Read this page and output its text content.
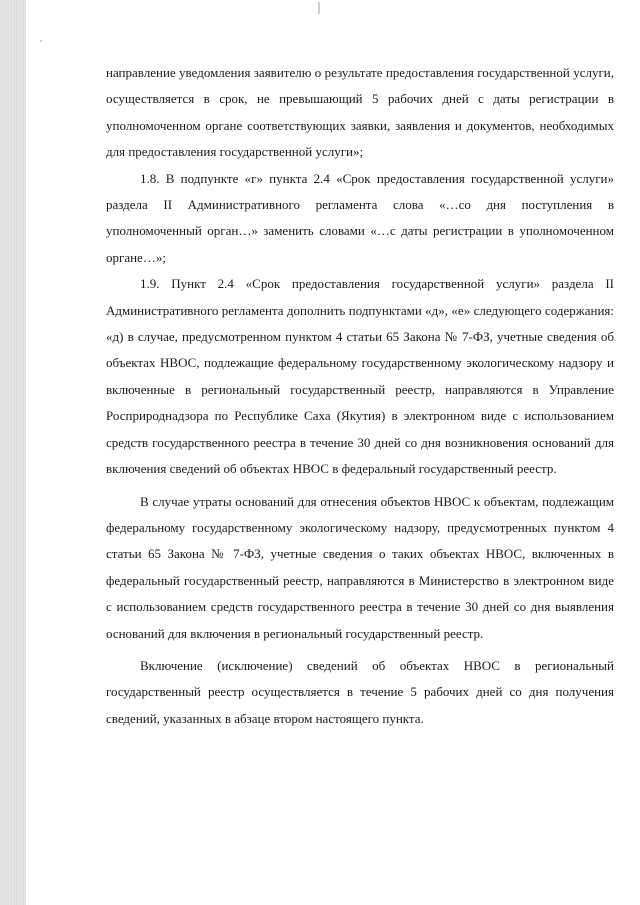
направление уведомления заявителю о результате предоставления государственной услуги, осуществляется в срок, не превышающий 5 рабочих дней с даты регистрации в уполномоченном органе соответствующих заявки, заявления и документов, необходимых для предоставления государственной услуги»;

1.8. В подпункте «г» пункта 2.4 «Срок предоставления государственной услуги» раздела II Административного регламента слова «…со дня поступления в уполномоченный орган…» заменить словами «…с даты регистрации в уполномоченном органе…»;

1.9. Пункт 2.4 «Срок предоставления государственной услуги» раздела II Административного регламента дополнить подпунктами «д», «е» следующего содержания: «д) в случае, предусмотренном пунктом 4 статьи 65 Закона № 7-ФЗ, учетные сведения об объектах НВОС, подлежащие федеральному государственному экологическому надзору и включенные в региональный государственный реестр, направляются в Управление Росприроднадзора по Республике Саха (Якутия) в электронном виде с использованием средств государственного реестра в течение 30 дней со дня возникновения оснований для включения сведений об объектах НВОС в федеральный государственный реестр.

В случае утраты оснований для отнесения объектов НВОС к объектам, подлежащим федеральному государственному экологическому надзору, предусмотренных пунктом 4 статьи 65 Закона № 7-ФЗ, учетные сведения о таких объектах НВОС, включенных в федеральный государственный реестр, направляются в Министерство в электронном виде с использованием средств государственного реестра в течение 30 дней со дня выявления оснований для включения в региональный государственный реестр.

Включение (исключение) сведений об объектах НВОС в региональный государственный реестр осуществляется в течение 5 рабочих дней со дня получения сведений, указанных в абзаце втором настоящего пункта.
